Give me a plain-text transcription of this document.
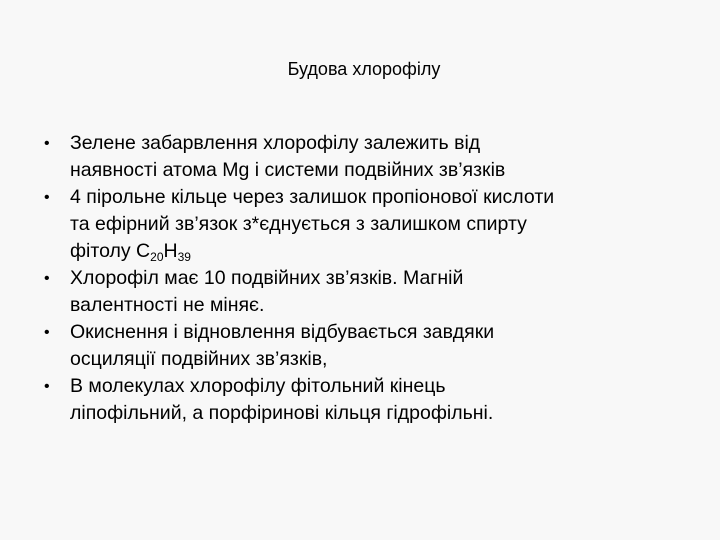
Будова хлорофілу
• Зелене забарвлення хлорофілу залежить від
наявності атома Mg і системи подвійних зв’язків
• 4 пірольне кільце через залишок пропіонової кислоти
та ефірний зв’язок з*єднується з залишком спирту
фітолу $С_{20}Н_{39}$
• Хлорофіл має 10 подвійних зв’язків. Магній
валентності не міняє.
• Окиснення і відновлення відбувається завдяки
осциляції подвійних зв’язків,
• В молекулах хлорофілу фітольний кінець
ліпофільний, а порфіринові кільця гідрофільні.
